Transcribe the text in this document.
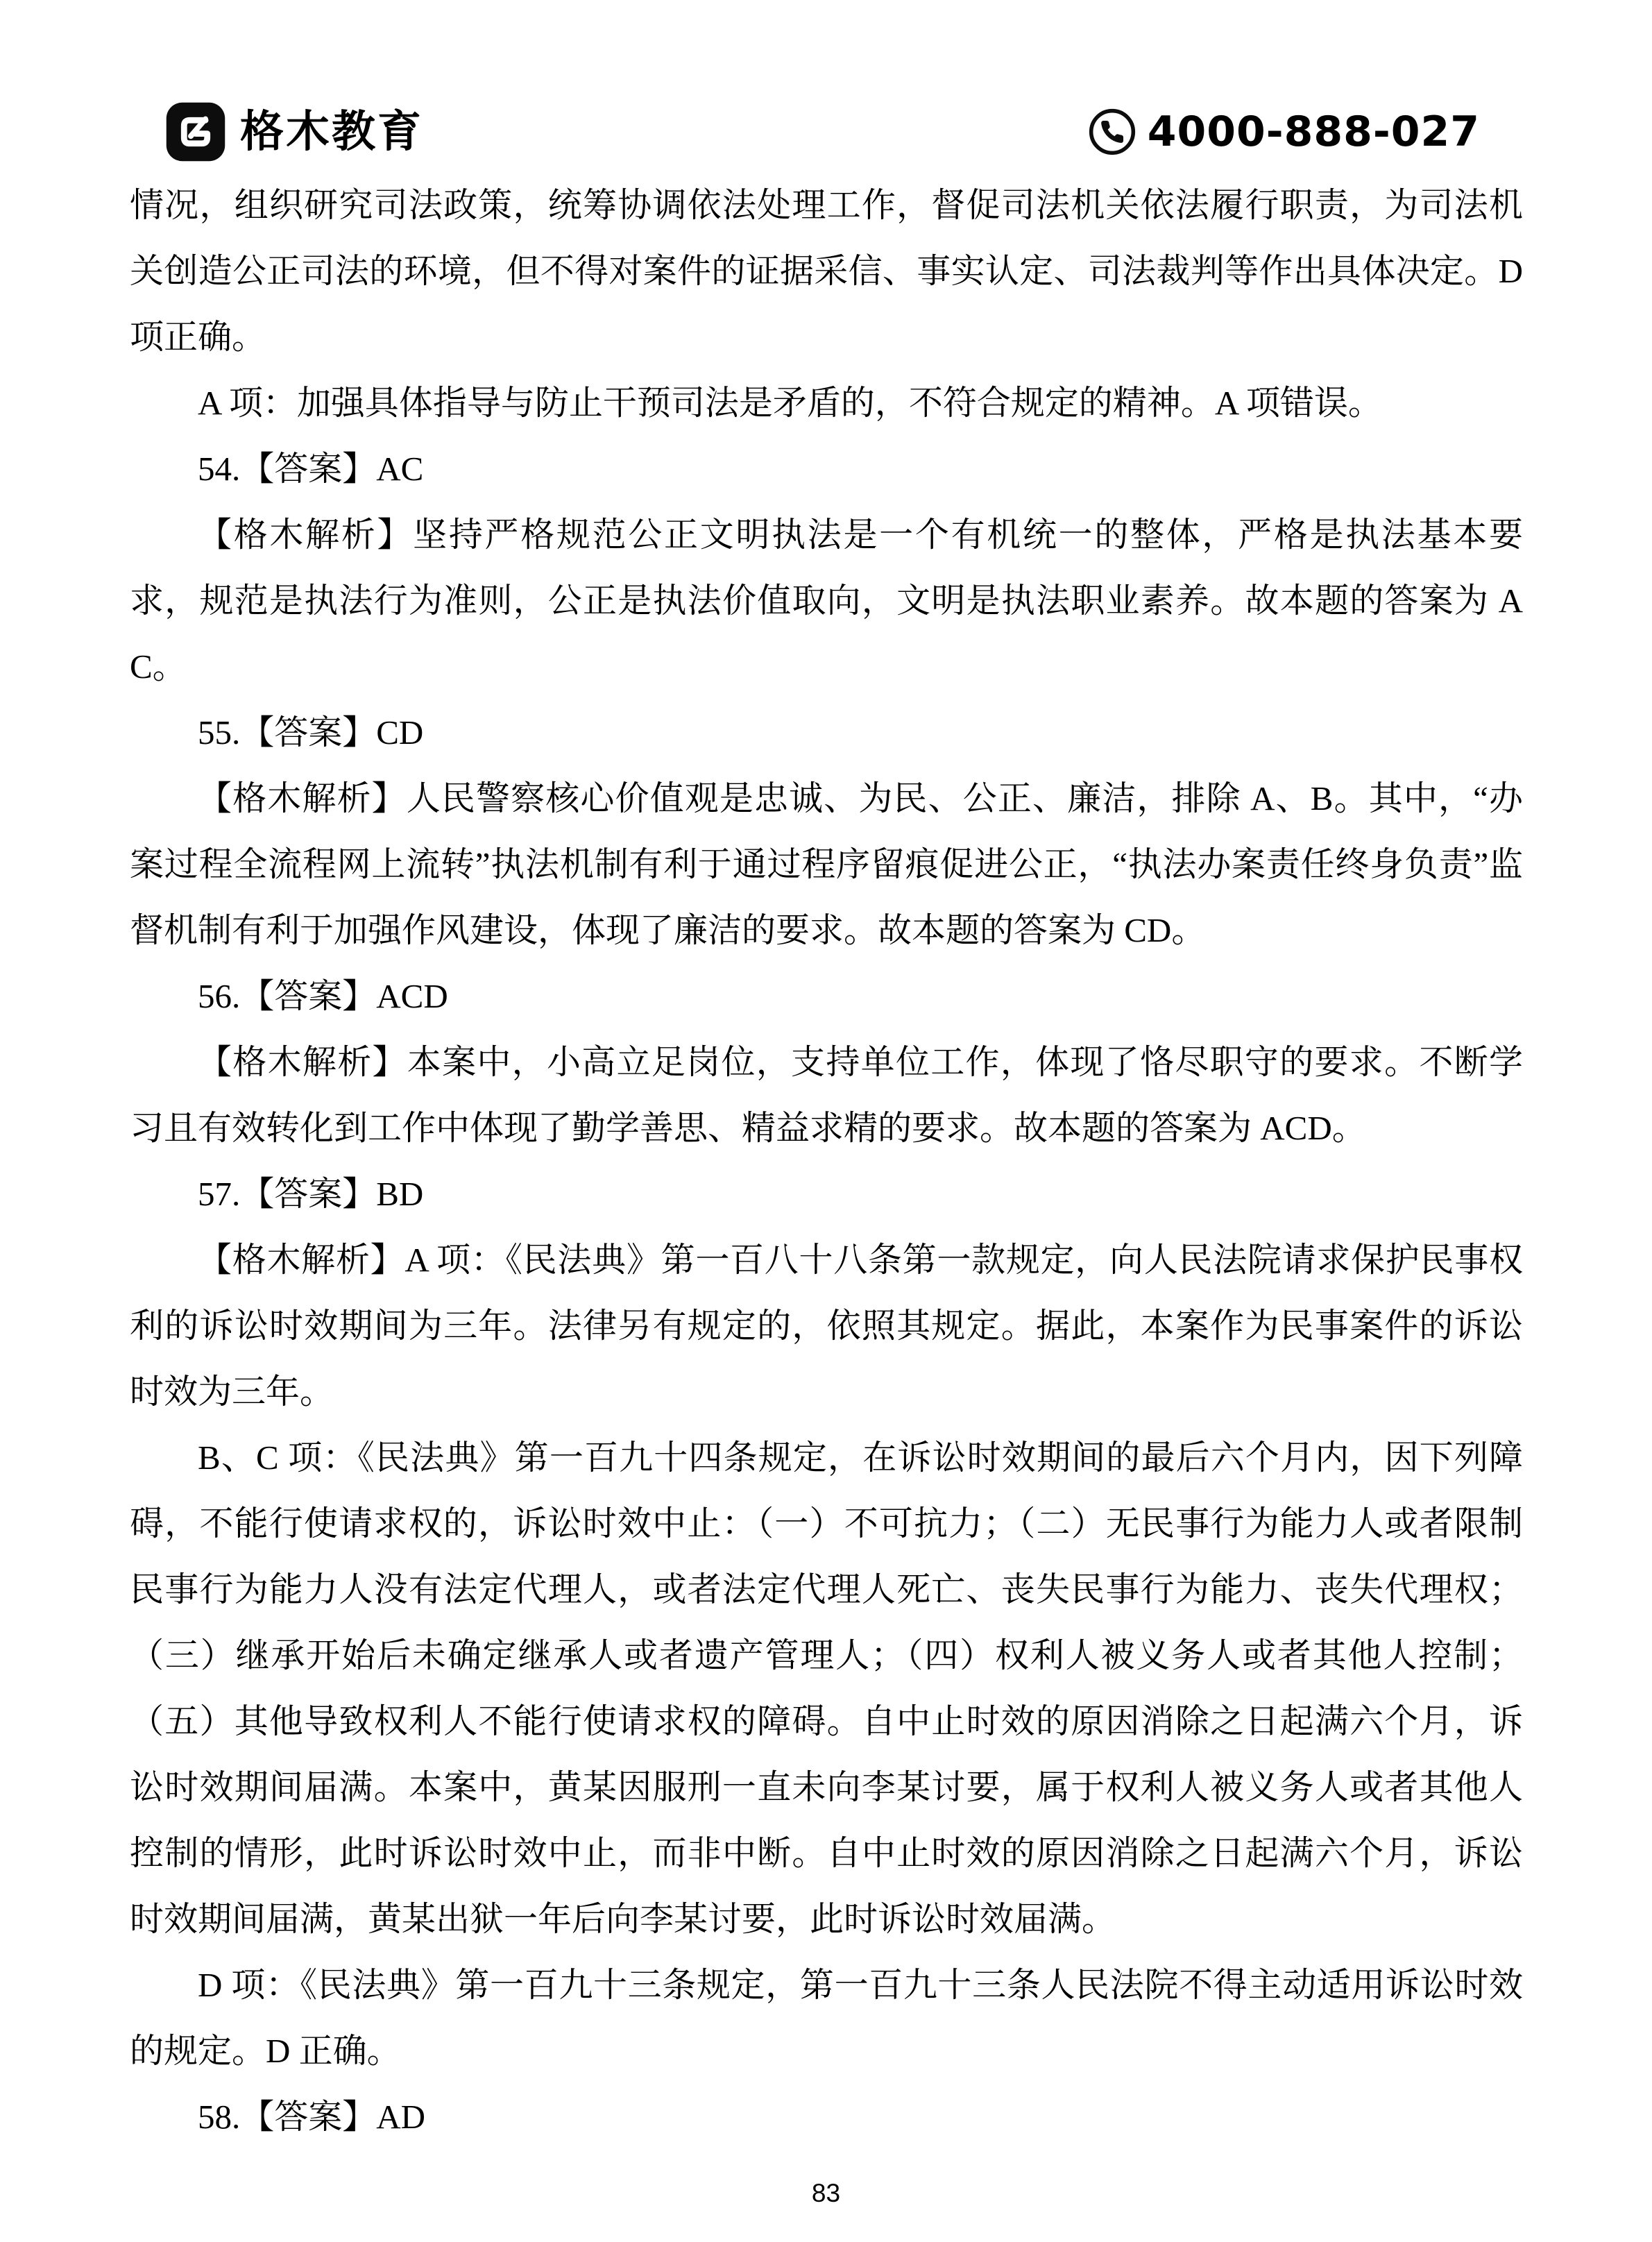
格木教育	4000-888-027

情况，组织研究司法政策，统筹协调依法处理工作，督促司法机关依法履行职责，为司法机关创造公正司法的环境，但不得对案件的证据采信、事实认定、司法裁判等作出具体决定。D 项正确。

A 项：加强具体指导与防止干预司法是矛盾的，不符合规定的精神。A 项错误。

54.【答案】AC

【格木解析】坚持严格规范公正文明执法是一个有机统一的整体，严格是执法基本要求，规范是执法行为准则，公正是执法价值取向，文明是执法职业素养。故本题的答案为 AC。

55.【答案】CD

【格木解析】人民警察核心价值观是忠诚、为民、公正、廉洁，排除 A、B。其中，“办案过程全流程网上流转”执法机制有利于通过程序留痕促进公正，“执法办案责任终身负责”监督机制有利于加强作风建设，体现了廉洁的要求。故本题的答案为 CD。

56.【答案】ACD

【格木解析】本案中，小高立足岗位，支持单位工作，体现了恪尽职守的要求。不断学习且有效转化到工作中体现了勤学善思、精益求精的要求。故本题的答案为 ACD。

57.【答案】BD

【格木解析】A 项：《民法典》第一百八十八条第一款规定，向人民法院请求保护民事权利的诉讼时效期间为三年。法律另有规定的，依照其规定。据此，本案作为民事案件的诉讼时效为三年。

B、C 项：《民法典》第一百九十四条规定，在诉讼时效期间的最后六个月内，因下列障碍，不能行使请求权的，诉讼时效中止：（一）不可抗力；（二）无民事行为能力人或者限制民事行为能力人没有法定代理人，或者法定代理人死亡、丧失民事行为能力、丧失代理权；（三）继承开始后未确定继承人或者遗产管理人；（四）权利人被义务人或者其他人控制；（五）其他导致权利人不能行使请求权的障碍。自中止时效的原因消除之日起满六个月，诉讼时效期间届满。本案中，黄某因服刑一直未向李某讨要，属于权利人被义务人或者其他人控制的情形，此时诉讼时效中止，而非中断。自中止时效的原因消除之日起满六个月，诉讼时效期间届满，黄某出狱一年后向李某讨要，此时诉讼时效届满。

D 项：《民法典》第一百九十三条规定，第一百九十三条人民法院不得主动适用诉讼时效的规定。D 正确。

58.【答案】AD

83
